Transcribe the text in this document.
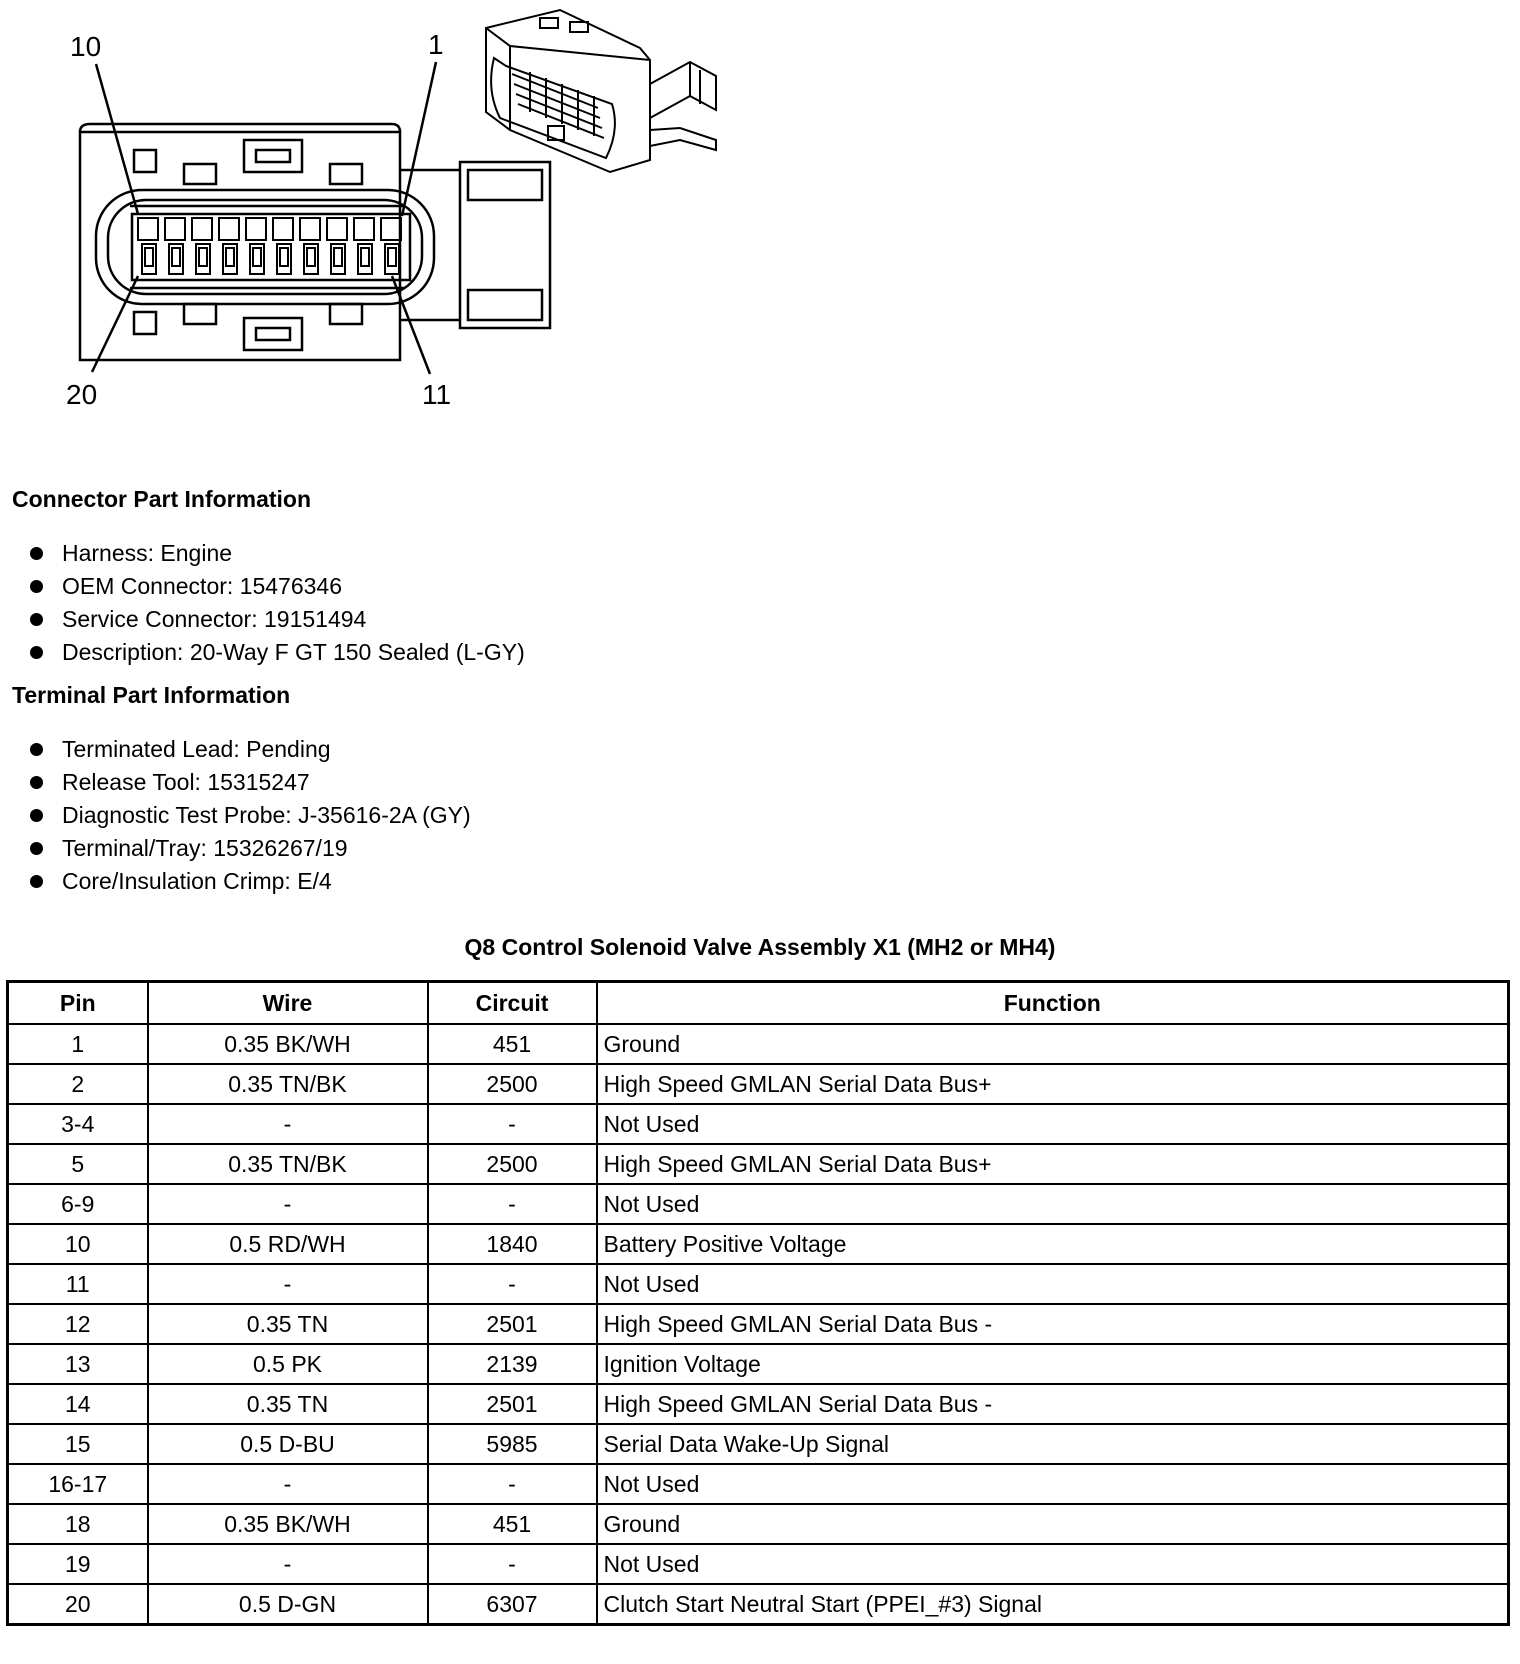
10	1
20	11
Connector Part Information
Harness: Engine
OEM Connector: 15476346
Service Connector: 19151494
Description: 20-Way F GT 150 Sealed (L-GY)
Terminal Part Information
Terminated Lead: Pending
Release Tool: 15315247
Diagnostic Test Probe: J-35616-2A (GY)
Terminal/Tray: 15326267/19
Core/Insulation Crimp: E/4
Q8 Control Solenoid Valve Assembly X1 (MH2 or MH4)
Pin	Wire	Circuit	Function
1	0.35 BK/WH	451	Ground
2	0.35 TN/BK	2500	High Speed GMLAN Serial Data Bus+
3-4	-	-	Not Used
5	0.35 TN/BK	2500	High Speed GMLAN Serial Data Bus+
6-9	-	-	Not Used
10	0.5 RD/WH	1840	Battery Positive Voltage
11	-	-	Not Used
12	0.35 TN	2501	High Speed GMLAN Serial Data Bus -
13	0.5 PK	2139	Ignition Voltage
14	0.35 TN	2501	High Speed GMLAN Serial Data Bus -
15	0.5 D-BU	5985	Serial Data Wake-Up Signal
16-17	-	-	Not Used
18	0.35 BK/WH	451	Ground
19	-	-	Not Used
20	0.5 D-GN	6307	Clutch Start Neutral Start (PPEI_#3) Signal
